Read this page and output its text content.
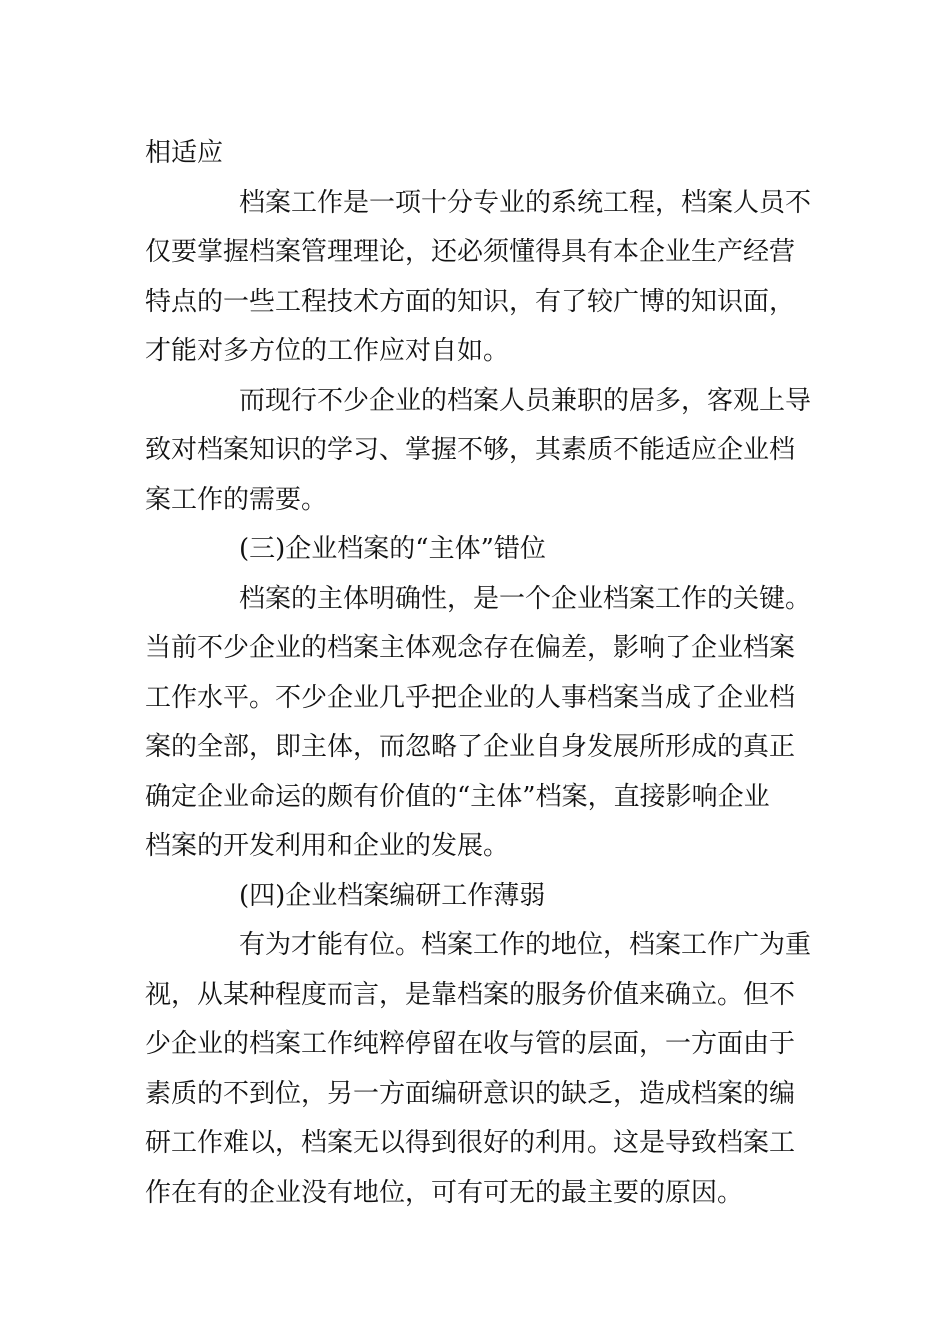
相适应
档案工作是一项十分专业的系统工程，档案人员不
仅要掌握档案管理理论，还必须懂得具有本企业生产经营
特点的一些工程技术方面的知识，有了较广博的知识面，
才能对多方位的工作应对自如。
而现行不少企业的档案人员兼职的居多，客观上导
致对档案知识的学习、掌握不够，其素质不能适应企业档
案工作的需要。
(三)企业档案的“主体”错位
档案的主体明确性，是一个企业档案工作的关键。
当前不少企业的档案主体观念存在偏差，影响了企业档案
工作水平。不少企业几乎把企业的人事档案当成了企业档
案的全部，即主体，而忽略了企业自身发展所形成的真正
确定企业命运的颇有价值的“主体”档案，直接影响企业
档案的开发利用和企业的发展。
(四)企业档案编研工作薄弱
有为才能有位。档案工作的地位，档案工作广为重
视，从某种程度而言，是靠档案的服务价值来确立。但不
少企业的档案工作纯粹停留在收与管的层面，一方面由于
素质的不到位，另一方面编研意识的缺乏，造成档案的编
研工作难以，档案无以得到很好的利用。这是导致档案工
作在有的企业没有地位，可有可无的最主要的原因。
